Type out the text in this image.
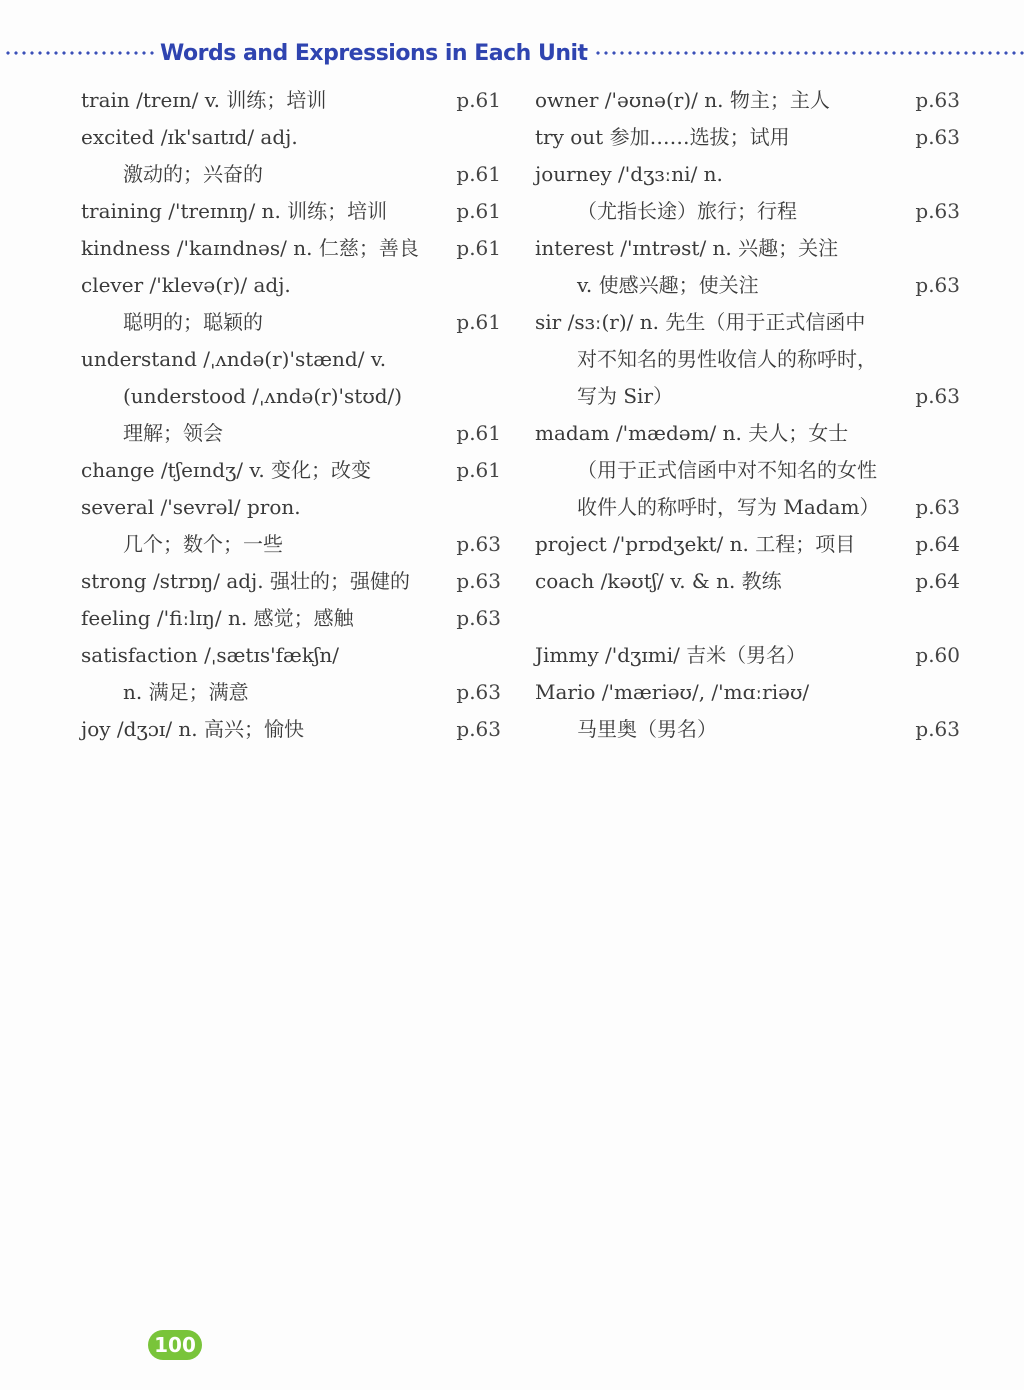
Words and Expressions in Each Unit
train /treɪn/ v. 训练；培训	p.61
excited /ɪk'saɪtɪd/ adj.
激动的；兴奋的	p.61
training /'treɪnɪŋ/ n. 训练；培训	p.61
kindness /'kaɪndnəs/ n. 仁慈；善良 p.61
clever /'klevə(r)/ adj.
聪明的；聪颖的	p.61
understand /ˌʌndə(r)'stænd/ v.
(understood /ˌʌndə(r)'stʊd/)
理解；领会	p.61
change /tʃeɪndʒ/ v. 变化；改变	p.61
several /'sevrəl/ pron.
几个；数个；一些	p.63
strong /strɒŋ/ adj. 强壮的；强健的 p.63
feeling /'fiːlɪŋ/ n. 感觉；感触	p.63
satisfaction /ˌsætɪs'fækʃn/
n. 满足；满意	p.63
joy /dʒɔɪ/ n. 高兴；愉快	p.63
owner /'əʊnə(r)/ n. 物主；主人	p.63
try out 参加……选拔；试用	p.63
journey /'dʒɜːni/ n.
（尤指长途）旅行；行程	p.63
interest /'ɪntrəst/ n. 兴趣；关注
v. 使感兴趣；使关注	p.63
sir /sɜː(r)/ n. 先生（用于正式信函中
对不知名的男性收信人的称呼时，
写为 Sir）	p.63
madam /'mædəm/ n. 夫人；女士
（用于正式信函中对不知名的女性
收件人的称呼时，写为 Madam） p.63
project /'prɒdʒekt/ n. 工程；项目	p.64
coach /kəʊtʃ/ v. & n. 教练	p.64
Jimmy /'dʒɪmi/ 吉米（男名）	p.60
Mario /'mæriəʊ/, /'mɑːriəʊ/
马里奥（男名）	p.63
100
